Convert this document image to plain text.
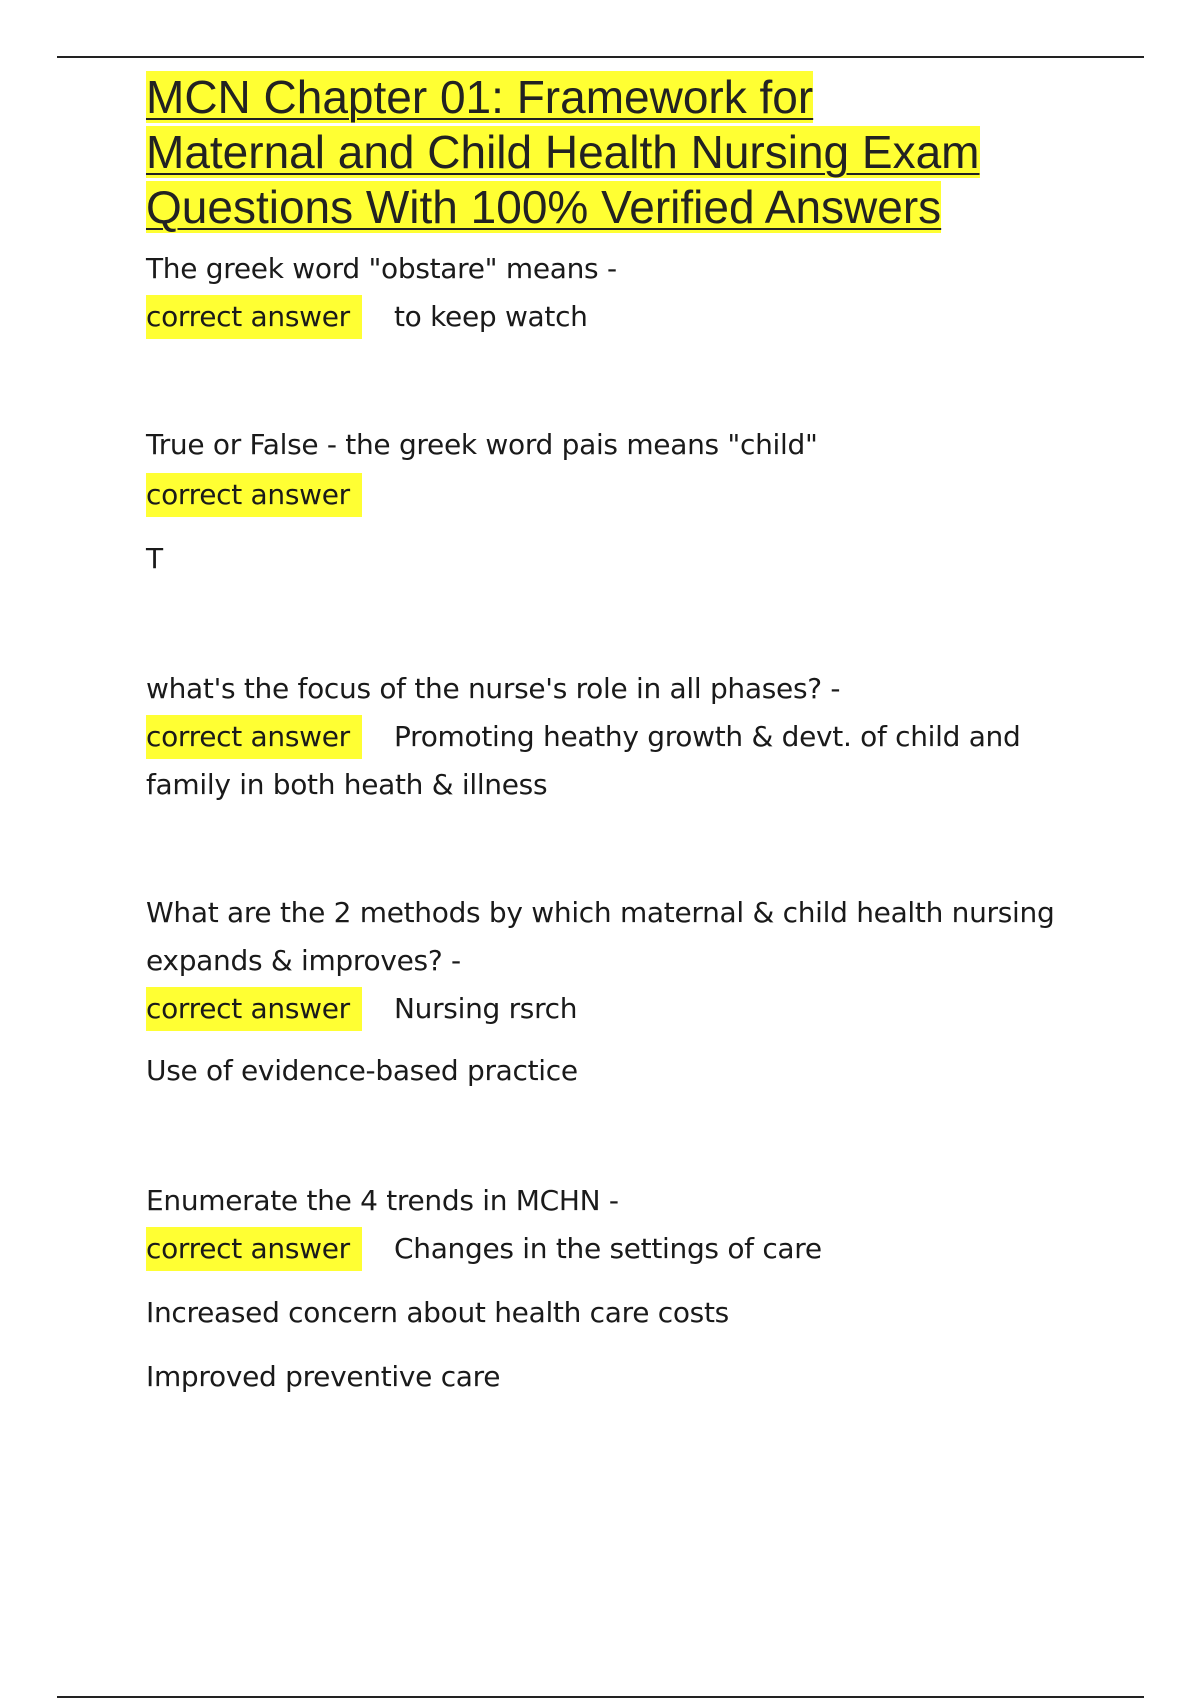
MCN Chapter 01: Framework for
Maternal and Child Health Nursing Exam
Questions With 100% Verified Answers

The greek word "obstare" means -

correct answer to keep watch

True or False - the greek word pais means "child"

correct answer

T

what's the focus of the nurse's role in all phases? -

correct answer Promoting heathy growth & devt. of child and

family in both heath & illness

What are the 2 methods by which maternal & child health nursing

expands & improves? -

correct answer Nursing rsrch

Use of evidence-based practice

Enumerate the 4 trends in MCHN -

correct answer Changes in the settings of care

Increased concern about health care costs

Improved preventive care
